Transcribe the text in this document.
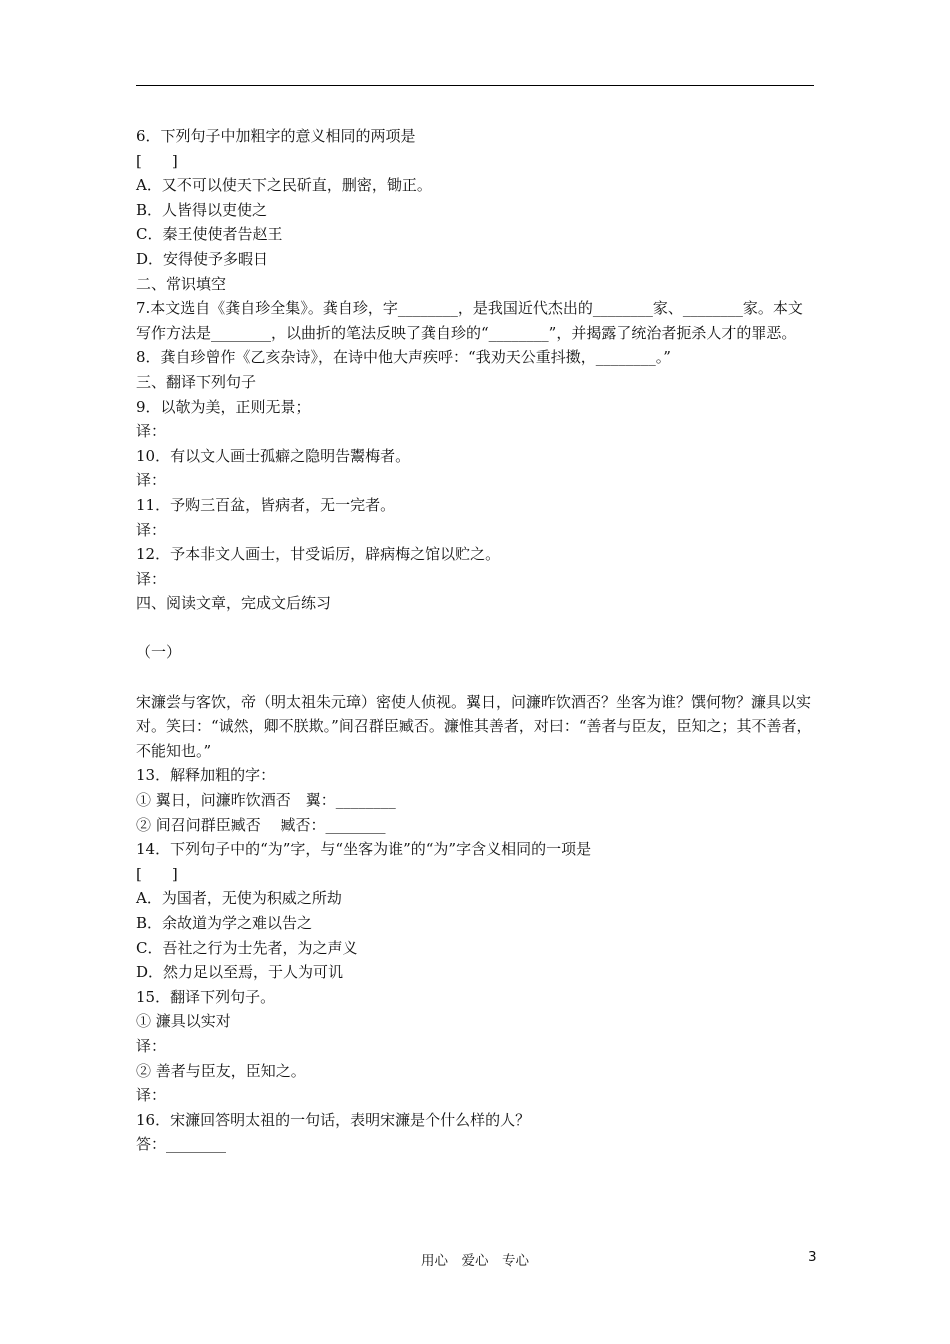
6．下列句子中加粗字的意义相同的两项是
[　　]
A．又不可以使天下之民斫直，删密，锄正。
B．人皆得以吏使之
C．秦王使使者告赵王
D．安得使予多暇日
二、常识填空
7.本文选自《龚自珍全集》。龚自珍，字________，是我国近代杰出的________家、________家。本文写作方法是________，以曲折的笔法反映了龚自珍的“________”，并揭露了统治者扼杀人才的罪恶。
8．龚自珍曾作《乙亥杂诗》，在诗中他大声疾呼：“我劝天公重抖擞，________。”
三、翻译下列句子
9．以欹为美，正则无景；
译：
10．有以文人画士孤癖之隐明告鬻梅者。
译：
11．予购三百盆，皆病者，无一完者。
译：
12．予本非文人画士，甘受诟厉，辟病梅之馆以贮之。
译：
四、阅读文章，完成文后练习
（一）
宋濂尝与客饮，帝（明太祖朱元璋）密使人侦视。翼日，问濂昨饮酒否？坐客为谁？馔何物？濂具以实对。笑曰：“诚然，卿不朕欺。”间召群臣臧否。濂惟其善者，对曰：“善者与臣友，臣知之；其不善者，不能知也。”
13．解释加粗的字：
① 翼日，问濂昨饮酒否　翼：________
② 间召问群臣臧否　 臧否：________
14．下列句子中的“为”字，与“坐客为谁”的“为”字含义相同的一项是
[　　]
A．为国者，无使为积威之所劫
B．余故道为学之难以告之
C．吾社之行为士先者，为之声义
D．然力足以至焉，于人为可讥
15．翻译下列句子。
① 濂具以实对
译：
② 善者与臣友，臣知之。
译：
16．宋濂回答明太祖的一句话，表明宋濂是个什么样的人？
答：________
用心　爱心　专心	3
